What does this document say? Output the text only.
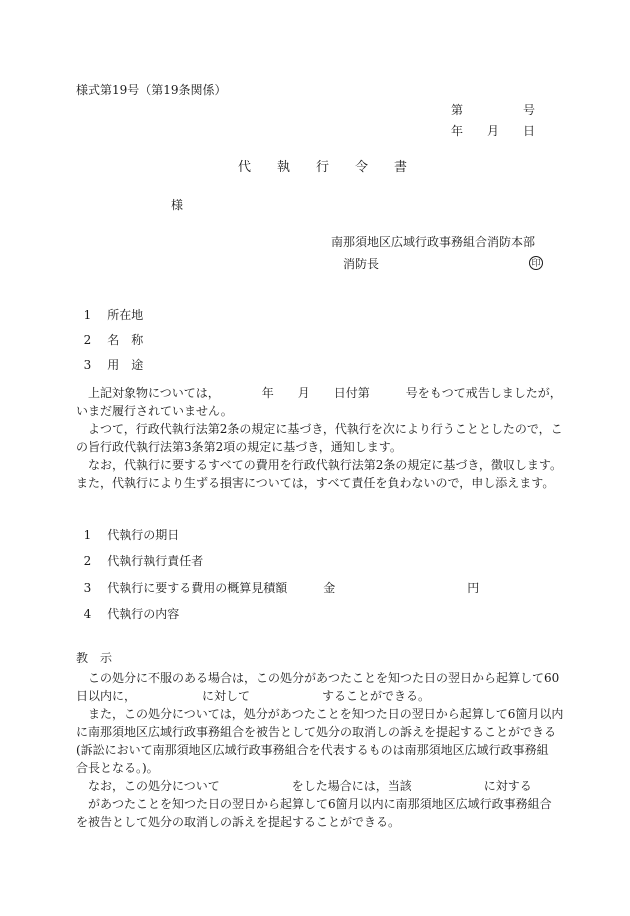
様式第19号（第19条関係）
第　　　　　号
年　　月　　日
代　　執　　行　　令　　書
様
南那須地区広域行政事務組合消防本部
消防長	印

1 所在地

2 名　称

3 用　途

　上記対象物については，　　　　年　　月　　日付第　　　号をもつて戒告しましたが，

いまだ履行されていません。

　よつて，行政代執行法第2条の規定に基づき，代執行を次により行うこととしたので，こ

の旨行政代執行法第3条第2項の規定に基づき，通知します。

　なお，代執行に要するすべての費用を行政代執行法第2条の規定に基づき，徴収します。

また，代執行により生ずる損害については，すべて責任を負わないので，申し添えます。

1 代執行の期日

2 代執行執行責任者

3 代執行に要する費用の概算見積額　　　金　　　　　　　　　　　円

4 代執行の内容

教　示

　この処分に不服のある場合は，この処分があつたことを知つた日の翌日から起算して60

日以内に，　　　　　　に対して　　　　　　することができる。

　また，この処分については，処分があつたことを知つた日の翌日から起算して6箇月以内

に南那須地区広域行政事務組合を被告として処分の取消しの訴えを提起することができる

(訴訟において南那須地区広域行政事務組合を代表するものは南那須地区広域行政事務組

合長となる。)。

　なお，この処分について　　　　　　をした場合には，当該　　　　　　に対する

　があつたことを知つた日の翌日から起算して6箇月以内に南那須地区広域行政事務組合

を被告として処分の取消しの訴えを提起することができる。
